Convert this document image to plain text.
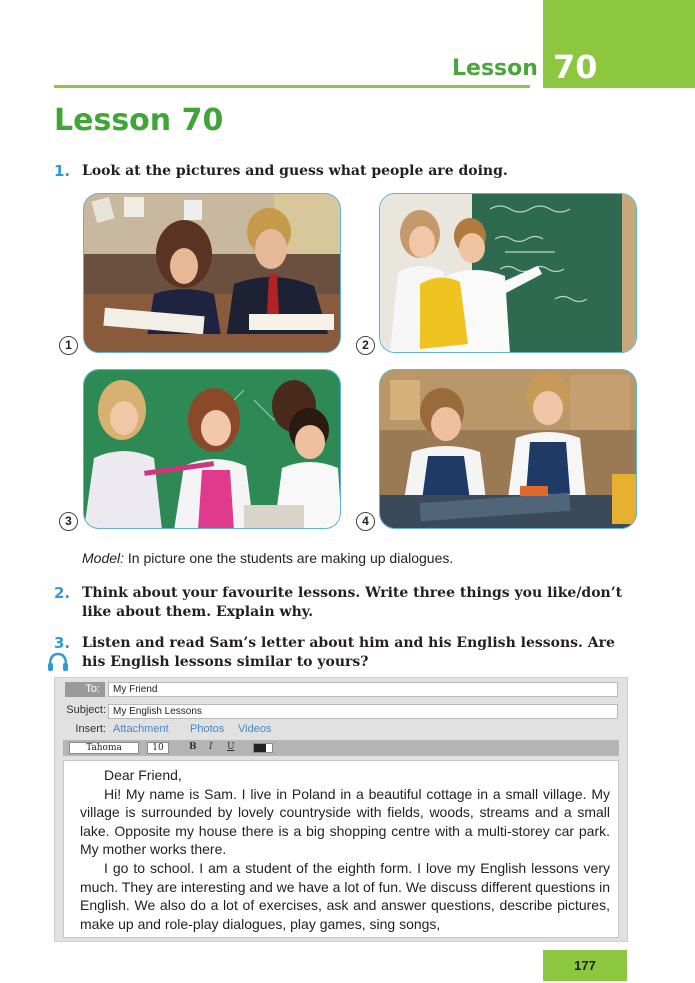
Lesson 70
Lesson 70
1. Look at the pictures and guess what people are doing.
1	2
3	4
Model: In picture one the students are making up dialogues.
2. Think about your favourite lessons. Write three things you like/don’t like about them. Explain why.
3. Listen and read Sam’s letter about him and his English lessons. Are his English lessons similar to yours?
To:	My Friend
Subject: My English Lessons
Insert: Attachment Photos Videos
Tahoma	10	B I U

Dear Friend,

Hi! My name is Sam. I live in Poland in a beautiful cottage in a small village. My village is surrounded by lovely countryside with fields, woods, streams and a small lake. Opposite my house there is a big shopping centre with a multi-storey car park. My mother works there.

I go to school. I am a student of the eighth form. I love my English lessons very much. They are interesting and we have a lot of fun. We discuss different questions in English. We also do a lot of exercises, ask and answer questions, describe pictures, make up and role-play dialogues, play games, sing songs,

177
